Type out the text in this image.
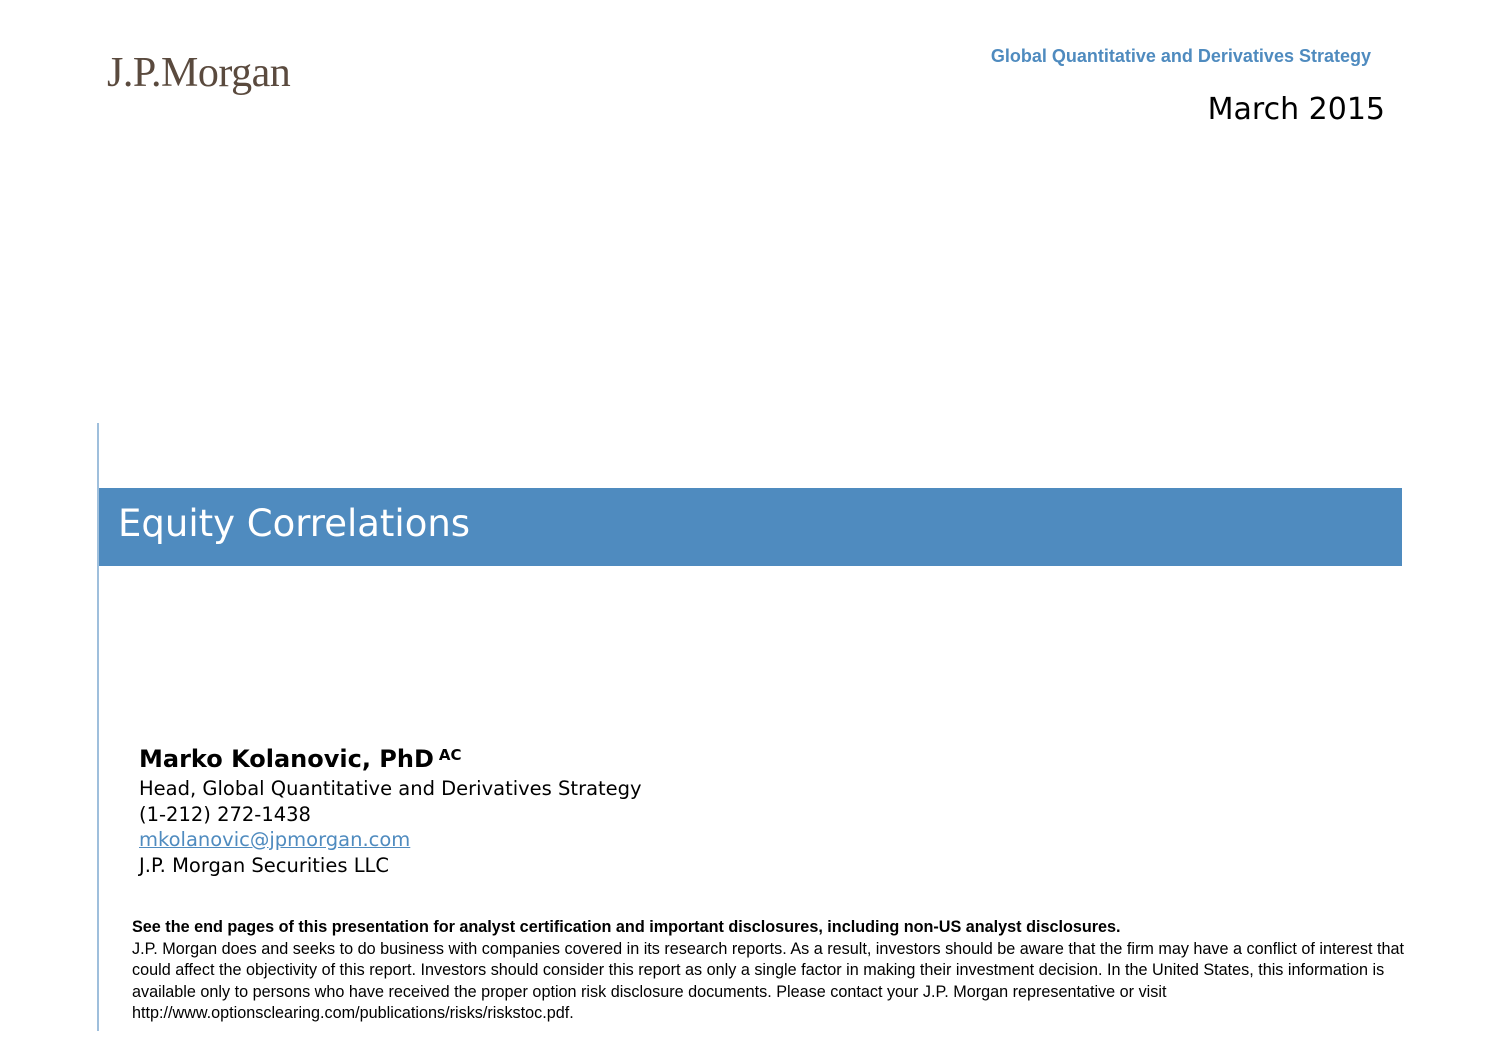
J.P.Morgan	Global Quantitative and Derivatives Strategy
March 2015
Equity Correlations

Marko Kolanovic, PhD $^{AC}$

Head, Global Quantitative and Derivatives Strategy

(1-212) 272-1438

mkolanovic@jpmorgan.com

J.P. Morgan Securities LLC

See the end pages of this presentation for analyst certification and important disclosures, including non-US analyst disclosures.

J.P. Morgan does and seeks to do business with companies covered in its research reports. As a result, investors should be aware that the firm may have a conflict of interest that could affect the objectivity of this report. Investors should consider this report as only a single factor in making their investment decision. In the United States, this information is available only to persons who have received the proper option risk disclosure documents. Please contact your J.P. Morgan representative or visit http://www.optionsclearing.com/publications/risks/riskstoc.pdf.
